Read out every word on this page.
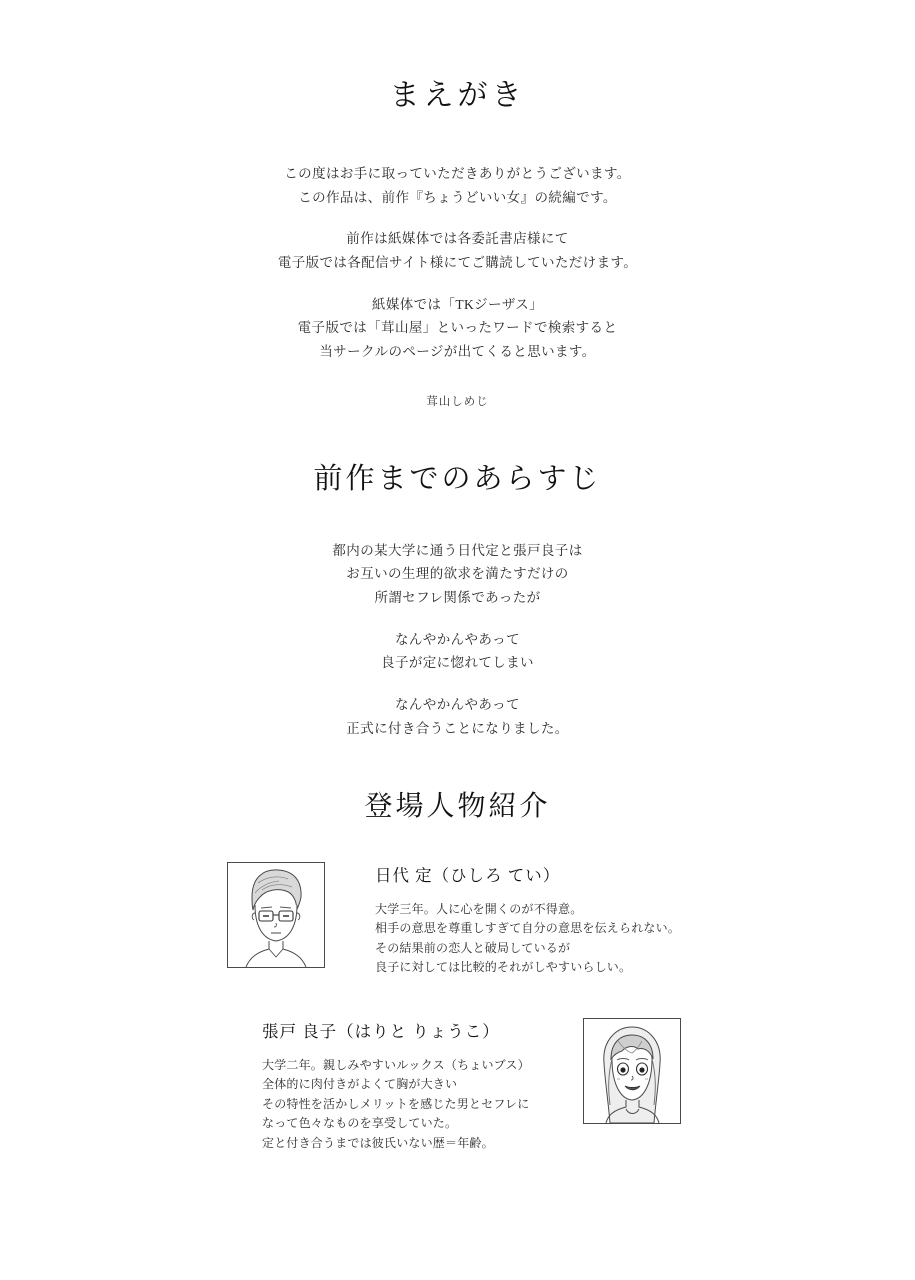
まえがき

この度はお手に取っていただきありがとうございます。

この作品は、前作『ちょうどいい女』の続編です。

前作は紙媒体では各委託書店様にて

電子版では各配信サイト様にてご購読していただけます。

紙媒体では「TKジーザス」

電子版では「茸山屋」といったワードで検索すると

当サークルのページが出てくると思います。

茸山しめじ
前作までのあらすじ

都内の某大学に通う日代定と張戸良子は

お互いの生理的欲求を満たすだけの

所謂セフレ関係であったが

なんやかんやあって

良子が定に惚れてしまい

なんやかんやあって

正式に付き合うことになりました。

登場人物紹介
日代 定（ひしろ てい）

大学三年。人に心を開くのが不得意。

相手の意思を尊重しすぎて自分の意思を伝えられない。

その結果前の恋人と破局しているが

良子に対しては比較的それがしやすいらしい。

張戸 良子（はりと りょうこ）

大学二年。親しみやすいルックス（ちょいブス）

全体的に肉付きがよくて胸が大きい

その特性を活かしメリットを感じた男とセフレに

なって色々なものを享受していた。

定と付き合うまでは彼氏いない歴＝年齢。
